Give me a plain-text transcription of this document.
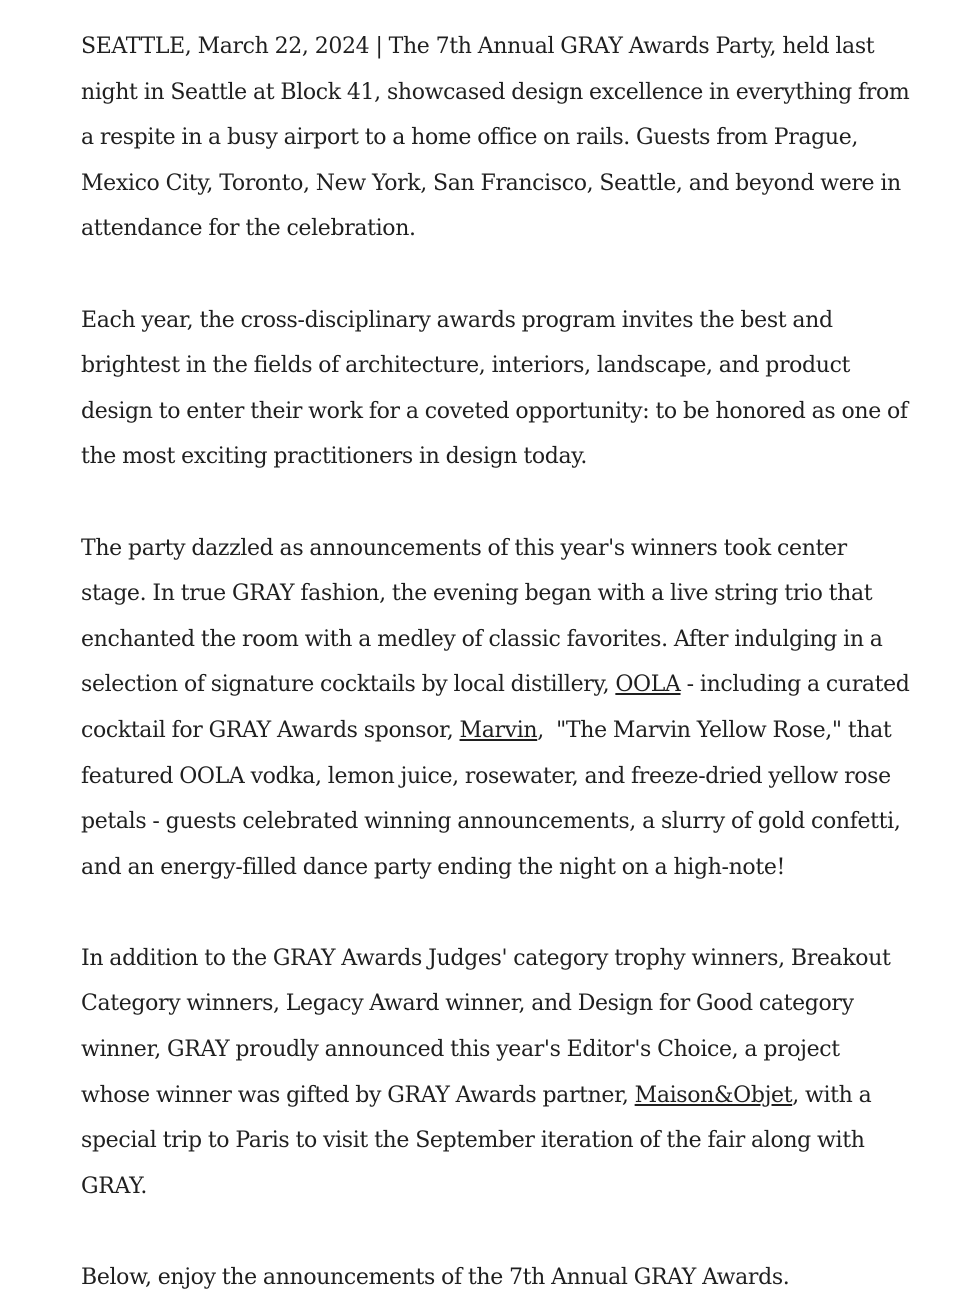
SEATTLE, March 22, 2024 | The 7th Annual GRAY Awards Party, held last night in Seattle at Block 41, showcased design excellence in everything from a respite in a busy airport to a home office on rails. Guests from Prague, Mexico City, Toronto, New York, San Francisco, Seattle, and beyond were in attendance for the celebration.

Each year, the cross-disciplinary awards program invites the best and brightest in the fields of architecture, interiors, landscape, and product design to enter their work for a coveted opportunity: to be honored as one of the most exciting practitioners in design today.

The party dazzled as announcements of this year's winners took center stage. In true GRAY fashion, the evening began with a live string trio that enchanted the room with a medley of classic favorites. After indulging in a selection of signature cocktails by local distillery, OOLA - including a curated cocktail for GRAY Awards sponsor, Marvin,  "The Marvin Yellow Rose," that featured OOLA vodka, lemon juice, rosewater, and freeze-dried yellow rose petals - guests celebrated winning announcements, a slurry of gold confetti, and an energy-filled dance party ending the night on a high-note!

In addition to the GRAY Awards Judges' category trophy winners, Breakout Category winners, Legacy Award winner, and Design for Good category winner, GRAY proudly announced this year's Editor's Choice, a project whose winner was gifted by GRAY Awards partner, Maison&Objet, with a special trip to Paris to visit the September iteration of the fair along with GRAY.

Below, enjoy the announcements of the 7th Annual GRAY Awards.
